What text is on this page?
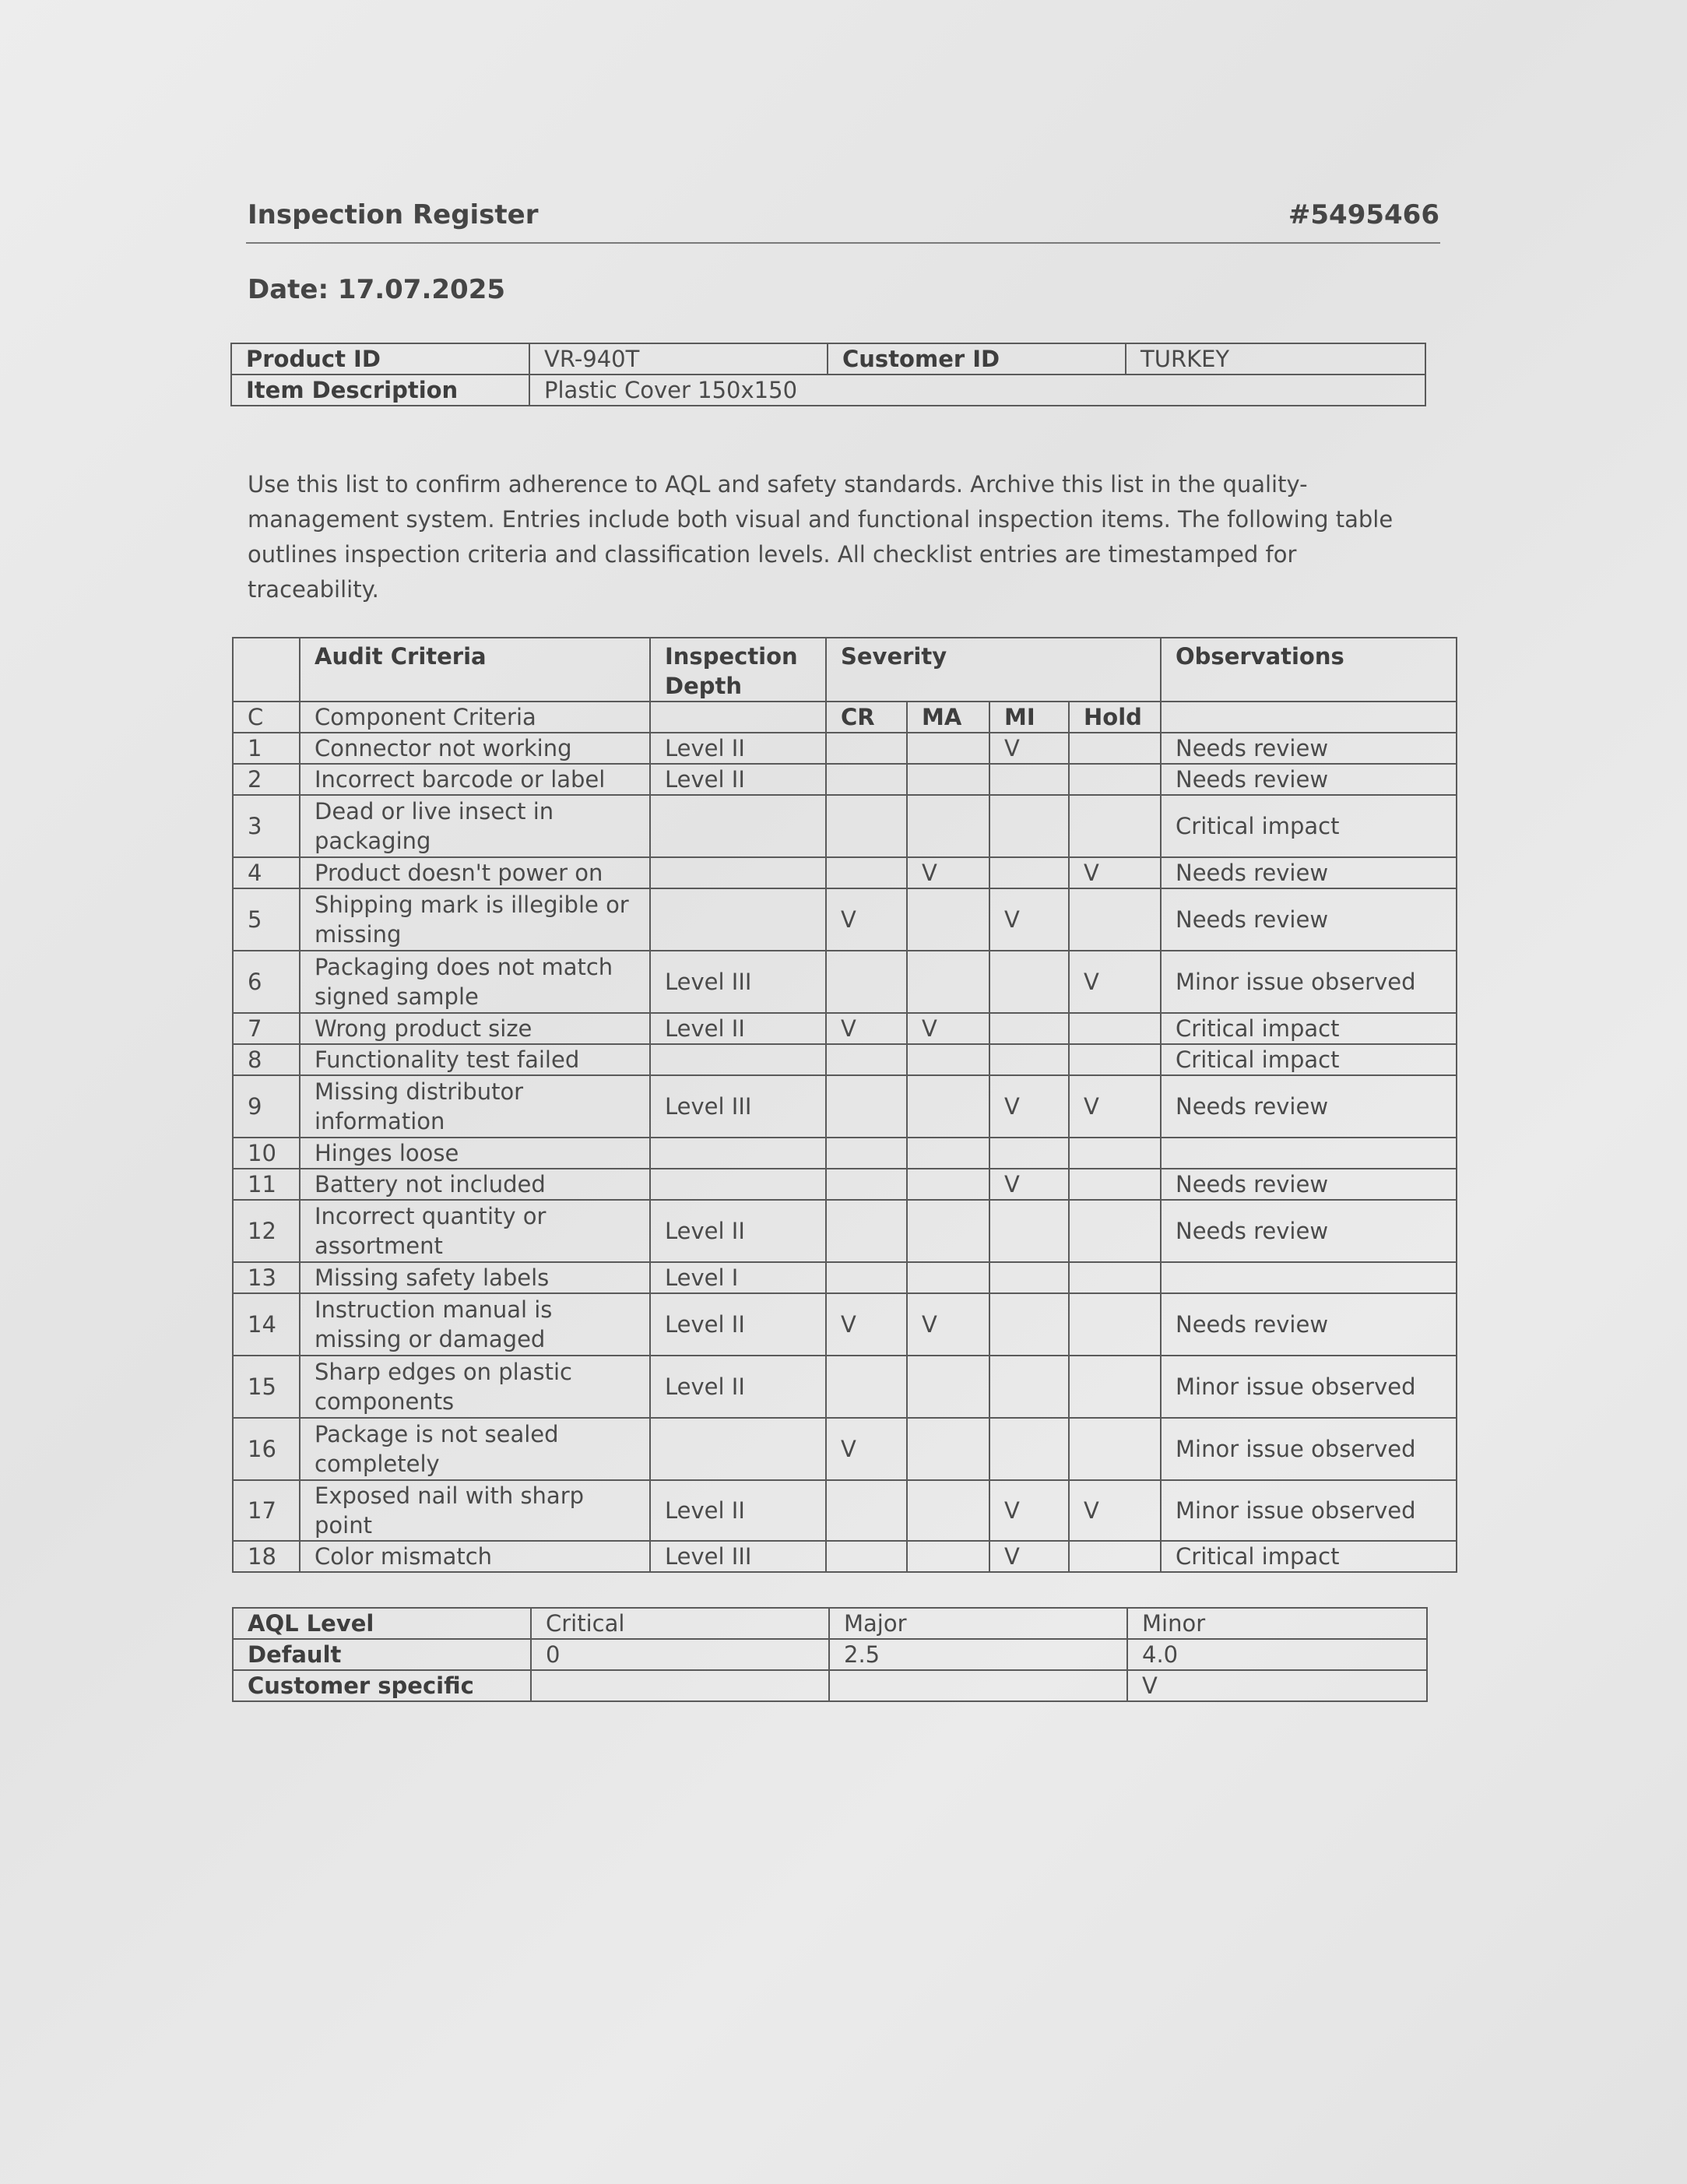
Inspection Register	#5495466
Date: 17.07.2025
Product ID	VR-940T	Customer ID	TURKEY
Item Description	Plastic Cover 150x150		

Use this list to confirm adherence to AQL and safety standards. Archive this list in the quality-management system. Entries include both visual and functional inspection items. The following table outlines inspection criteria and classification levels. All checklist entries are timestamped for traceability.

	Audit Criteria	Inspection Depth	Severity				Observations
C	Component Criteria		CR	MA	MI	Hold	
1	Connector not working	Level II			V		Needs review
2	Incorrect barcode or label	Level II					Needs review
3	Dead or live insect in packaging						Critical impact
4	Product doesn't power on			V		V	Needs review
5	Shipping mark is illegible or missing		V		V		Needs review
6	Packaging does not match signed sample	Level III				V	Minor issue observed
7	Wrong product size	Level II	V	V			Critical impact
8	Functionality test failed						Critical impact
9	Missing distributor information	Level III			V	V	Needs review
10	Hinges loose						
11	Battery not included				V		Needs review
12	Incorrect quantity or assortment	Level II					Needs review
13	Missing safety labels	Level I					
14	Instruction manual is missing or damaged	Level II	V	V			Needs review
15	Sharp edges on plastic components	Level II					Minor issue observed
16	Package is not sealed completely		V				Minor issue observed
17	Exposed nail with sharp point	Level II			V	V	Minor issue observed
18	Color mismatch	Level III			V		Critical impact
AQL Level	Critical	Major	Minor
Default	0	2.5	4.0
Customer specific			V
